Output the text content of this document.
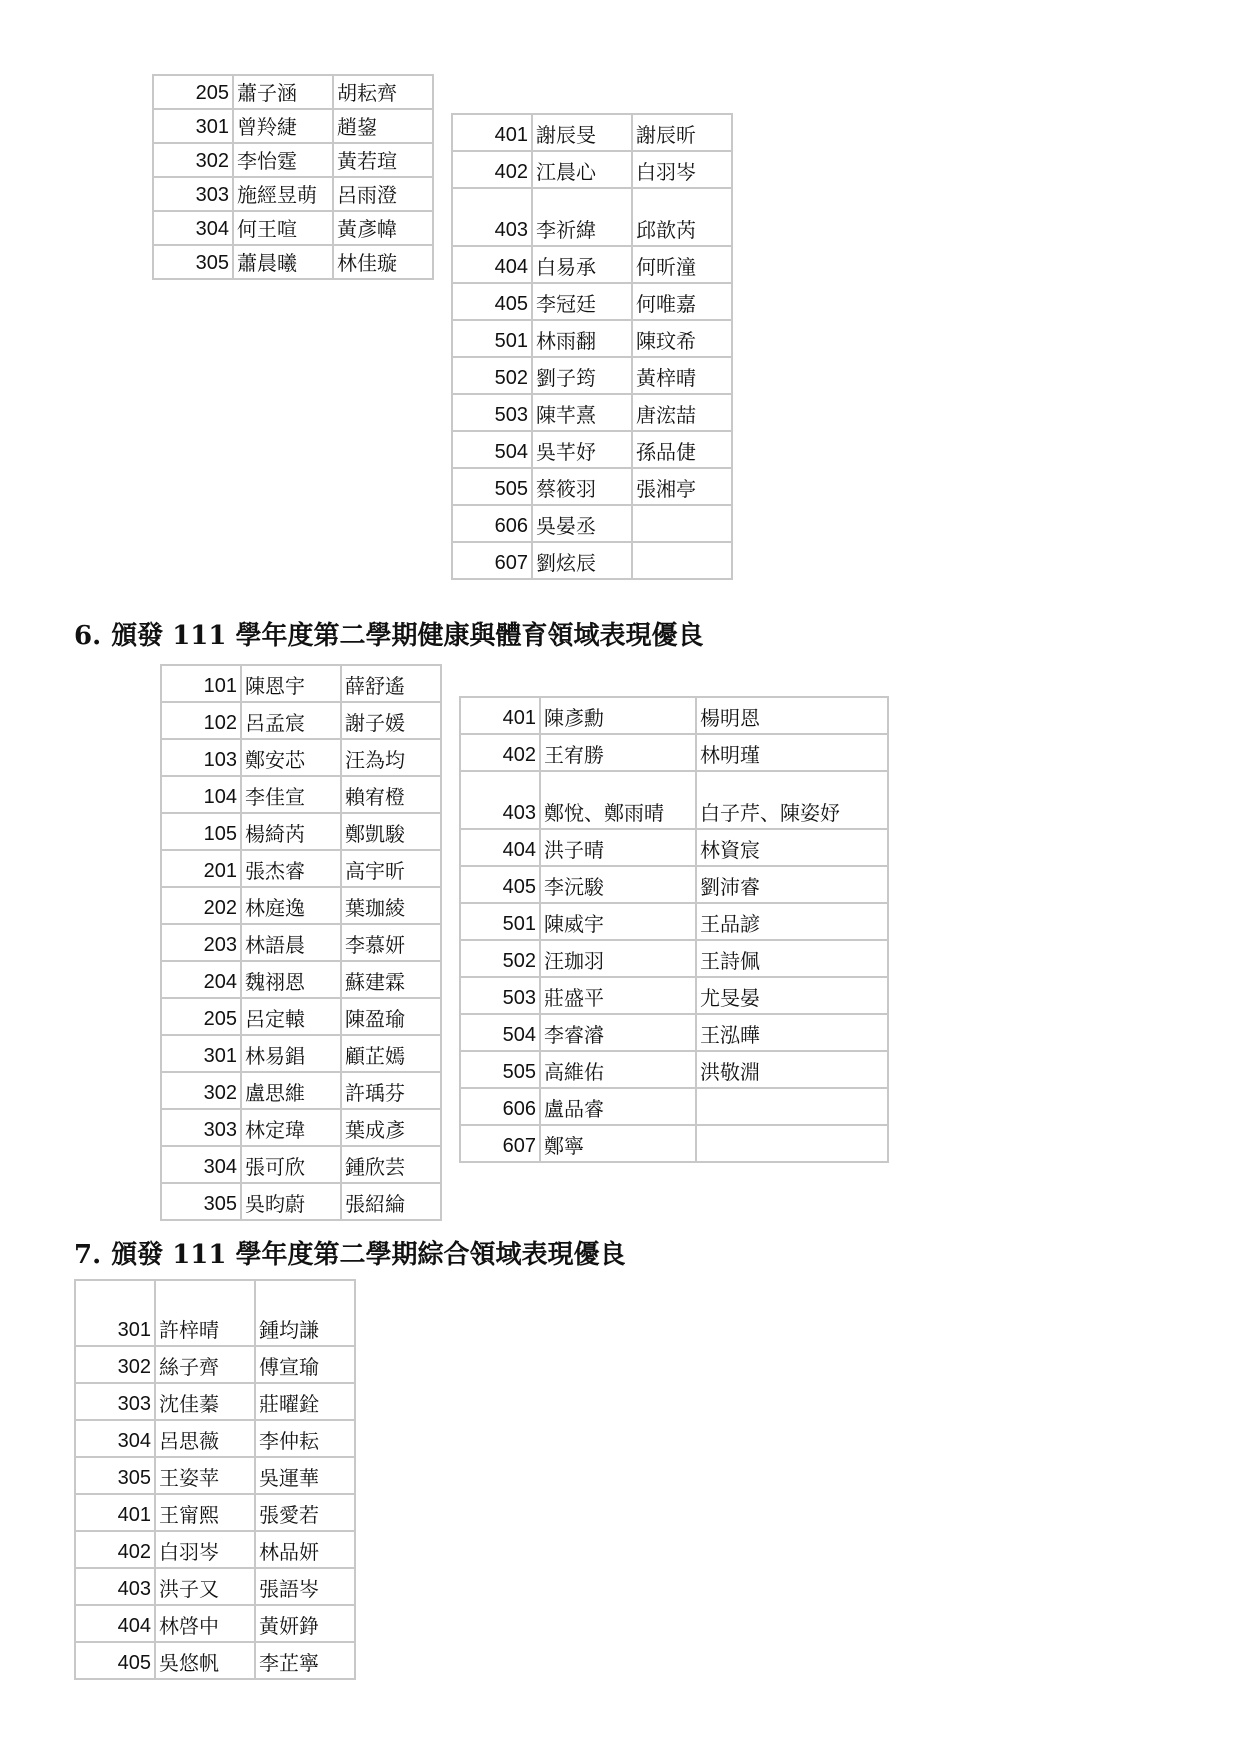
205	蕭子涵	胡耘齊
301	曾羚緁	趙鋆
302	李怡霆	黃若瑄
303	施經昱萌	呂雨澄
304	何王喧	黃彥幃
305	蕭晨曦	林佳璇
401	謝辰旻	謝辰昕
402	江晨心	白羽岑
403	李祈緯	邱歆芮
404	白易承	何昕潼
405	李冠廷	何唯嘉
501	林雨翻	陳玟希
502	劉子筠	黃梓晴
503	陳芊熹	唐浤喆
504	吳芊妤	孫品倢
505	蔡筱羽	張湘亭
606	吳晏丞	
607	劉炫辰	
6. 頒發 111 學年度第二學期健康與體育領域表現優良
101	陳恩宇	薛舒遙
102	呂孟宸	謝子媛
103	鄭安芯	汪為均
104	李佳宣	賴宥橙
105	楊綺芮	鄭凱駿
201	張杰睿	高宇昕
202	林庭逸	葉珈綾
203	林語晨	李慕妍
204	魏祤恩	蘇建霖
205	呂定轅	陳盈瑜
301	林易錩	顧芷嫣
302	盧思維	許瑀芬
303	林定瑋	葉成彥
304	張可欣	鍾欣芸
305	吳昀蔚	張紹綸
401	陳彥勳	楊明恩
402	王宥勝	林明瑾
403	鄭悅、鄭雨晴	白子芹、陳姿妤
404	洪子晴	林資宸
405	李沅駿	劉沛睿
501	陳威宇	王品諺
502	汪珈羽	王詩佩
503	莊盛平	尤旻晏
504	李睿濬	王泓曄
505	高維佑	洪敬淵
606	盧品睿	
607	鄭寧	
7. 頒發 111 學年度第二學期綜合領域表現優良
301	許梓晴	鍾均謙
302	絲子齊	傅宣瑜
303	沈佳蓁	莊曜銓
304	呂思薇	李仲耘
305	王姿苹	吳運華
401	王甯熙	張愛若
402	白羽岑	林品妍
403	洪子又	張語岑
404	林啓中	黃妍錚
405	吳悠帆	李芷寧
